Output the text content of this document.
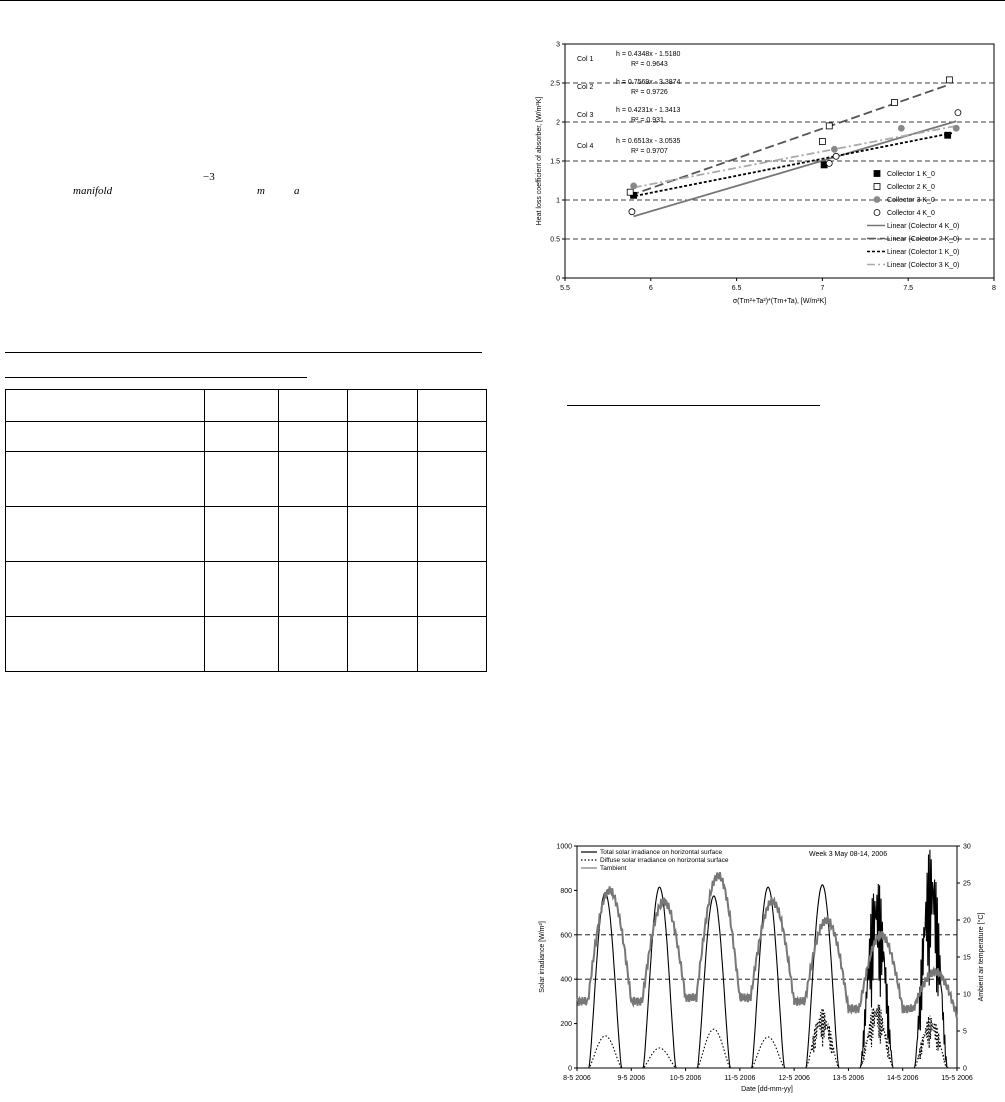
−3
manifold	m	a

0
0.5
1
1.5
2
2.5
3
5.5	6	6.5	7	7.5	8
Col 1
h = 0.4348x - 1.5180
R² = 0.9643
Col 2
h = 0.7569x - 3.3874
R² = 0.9726
Col 3
h = 0.4231x - 1.3413
R² = 0.931
Col 4
h = 0.6513x - 3.0535
R² = 0.9707
Collector 1 K_0
Collector 2 K_0
Collector 3 K_0
Collector 4 K_0
Linear (Colector 4 K_0)
Linear (Colector 2 K_0)
Linear (Colector 1 K_0)
Linear (Colector 3 K_0)
σ(Tm²+Ta²)*(Tm+Ta), [W/m²K]
Heat loss coefficient of absorber, [W/m²K]
0
200
400
600
800
1000
0
5
10
15
20
25
30
8-5 2006	9-5 2006	10-5 2006	11-5 2006	12-5 2006	13-5 2006	14-5 2006	15-5 2006
Total solar irradiance on horizontal surface
Diffuse solar irradiance on horizontal surface
Tambient
Week 3 May 08-14, 2006
Date [dd-mm-yy]
Solar irradiance [W/m²]	Ambient air temperature [°C]
